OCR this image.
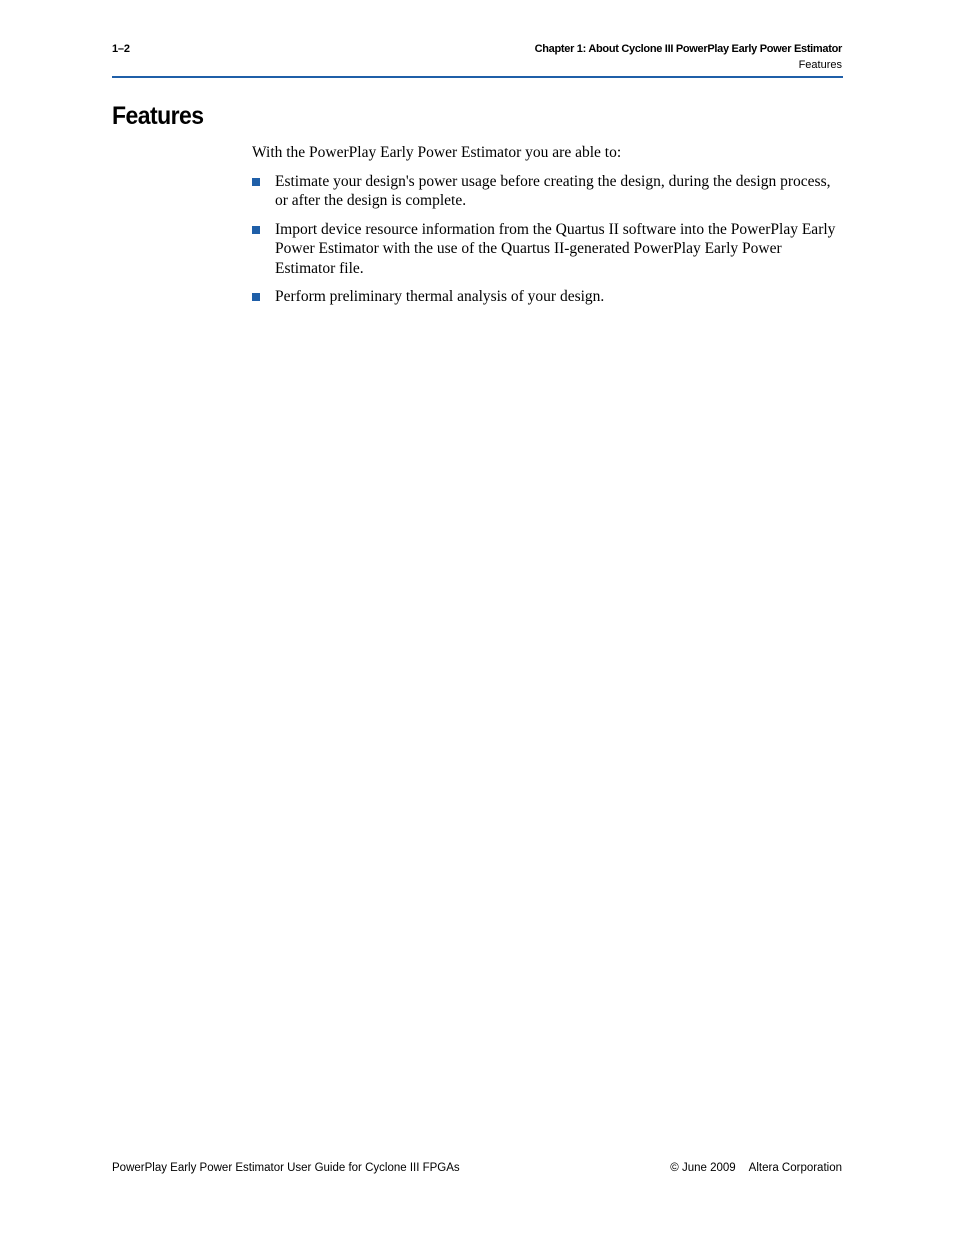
1–2	Chapter 1: About Cyclone III PowerPlay Early Power Estimator
Features
Features

With the PowerPlay Early Power Estimator you are able to:

Estimate your design's power usage before creating the design, during the design process, or after the design is complete.
Import device resource information from the Quartus II software into the PowerPlay Early Power Estimator with the use of the Quartus II-generated PowerPlay Early Power Estimator file.
Perform preliminary thermal analysis of your design.
PowerPlay Early Power Estimator User Guide for Cyclone III FPGAs	© June 2009 Altera Corporation
